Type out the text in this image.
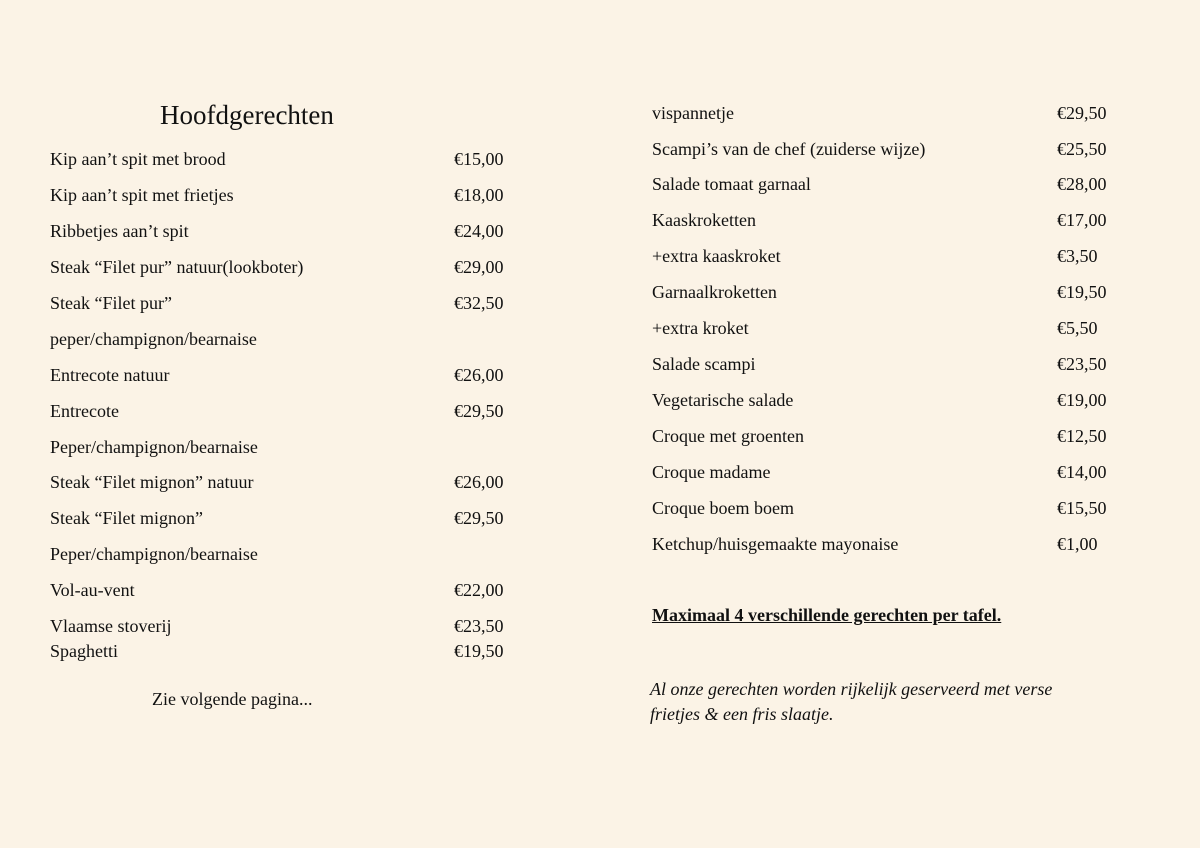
Hoofdgerechten
Kip aan’t spit met brood	€15,00
Kip aan’t spit met frietjes	€18,00
Ribbetjes aan’t spit	€24,00
Steak “Filet pur” natuur(lookboter)	€29,00
Steak “Filet pur”	€32,50
peper/champignon/bearnaise
Entrecote natuur	€26,00
Entrecote	€29,50
Peper/champignon/bearnaise
Steak “Filet mignon” natuur	€26,00
Steak “Filet mignon”	€29,50
Peper/champignon/bearnaise
Vol-au-vent	€22,00
Vlaamse stoverij	€23,50
Spaghetti	€19,50
Zie volgende pagina...
vispannetje	€29,50
Scampi’s van de chef (zuiderse wijze)	€25,50
Salade tomaat garnaal	€28,00
Kaaskroketten	€17,00
+extra kaaskroket	€3,50
Garnaalkroketten	€19,50
+extra kroket	€5,50
Salade scampi	€23,50
Vegetarische salade	€19,00
Croque met groenten	€12,50
Croque madame	€14,00
Croque boem boem	€15,50
Ketchup/huisgemaakte mayonaise	€1,00
Maximaal 4 verschillende gerechten per tafel.
Al onze gerechten worden rijkelijk geserveerd met verse
frietjes & een fris slaatje.
